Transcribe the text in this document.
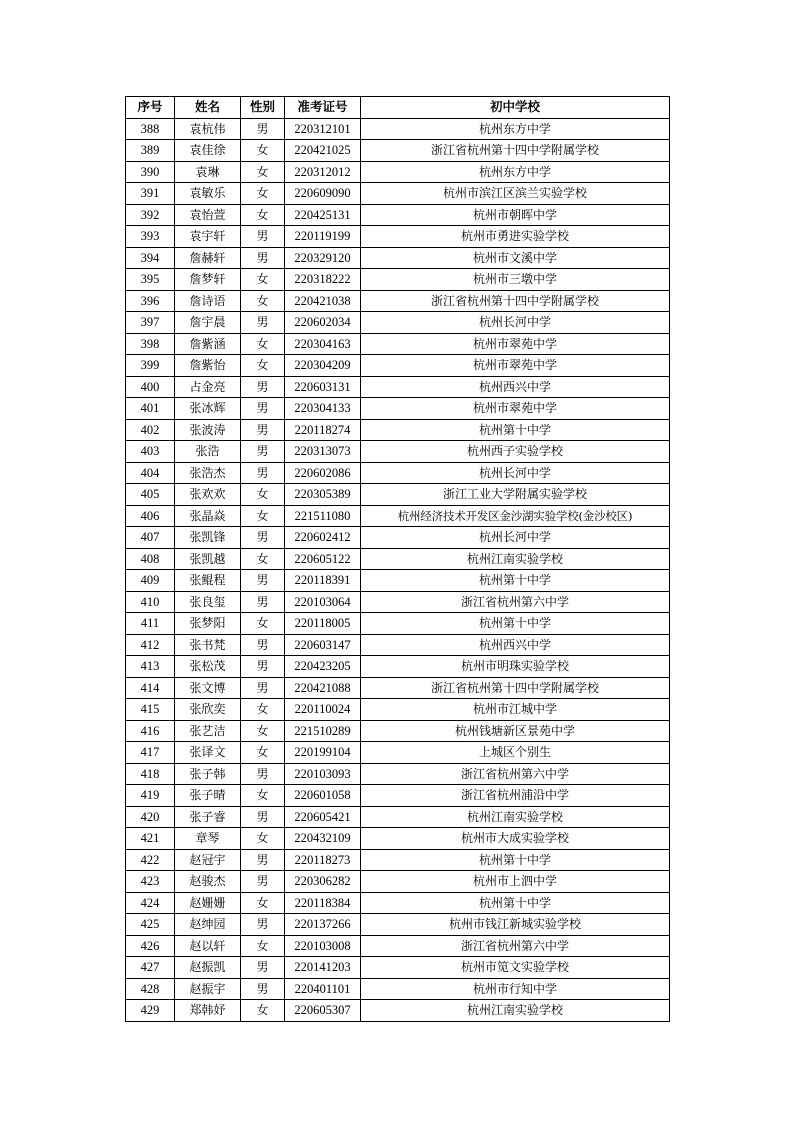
序号	姓名	性别	准考证号	初中学校
388	袁杭伟	男	220312101	杭州东方中学
389	袁佳徐	女	220421025	浙江省杭州第十四中学附属学校
390	袁琳	女	220312012	杭州东方中学
391	袁敏乐	女	220609090	杭州市滨江区滨兰实验学校
392	袁怡萱	女	220425131	杭州市朝晖中学
393	袁宇轩	男	220119199	杭州市勇进实验学校
394	詹赫轩	男	220329120	杭州市文溪中学
395	詹梦轩	女	220318222	杭州市三墩中学
396	詹诗语	女	220421038	浙江省杭州第十四中学附属学校
397	詹宇晨	男	220602034	杭州长河中学
398	詹紫涵	女	220304163	杭州市翠苑中学
399	詹紫怡	女	220304209	杭州市翠苑中学
400	占金亮	男	220603131	杭州西兴中学
401	张冰辉	男	220304133	杭州市翠苑中学
402	张波涛	男	220118274	杭州第十中学
403	张浩	男	220313073	杭州西子实验学校
404	张浩杰	男	220602086	杭州长河中学
405	张欢欢	女	220305389	浙江工业大学附属实验学校
406	张晶焱	女	221511080	杭州经济技术开发区金沙湖实验学校(金沙校区)
407	张凯锋	男	220602412	杭州长河中学
408	张凯越	女	220605122	杭州江南实验学校
409	张鲲程	男	220118391	杭州第十中学
410	张良玺	男	220103064	浙江省杭州第六中学
411	张梦阳	女	220118005	杭州第十中学
412	张书梵	男	220603147	杭州西兴中学
413	张松茂	男	220423205	杭州市明珠实验学校
414	张文博	男	220421088	浙江省杭州第十四中学附属学校
415	张欣奕	女	220110024	杭州市江城中学
416	张艺洁	女	221510289	杭州钱塘新区景苑中学
417	张译文	女	220199104	上城区个别生
418	张子韩	男	220103093	浙江省杭州第六中学
419	张子晴	女	220601058	浙江省杭州浦沿中学
420	张子睿	男	220605421	杭州江南实验学校
421	章琴	女	220432109	杭州市大成实验学校
422	赵冠宇	男	220118273	杭州第十中学
423	赵骏杰	男	220306282	杭州市上泗中学
424	赵姗姗	女	220118384	杭州第十中学
425	赵绅园	男	220137266	杭州市钱江新城实验学校
426	赵以轩	女	220103008	浙江省杭州第六中学
427	赵振凯	男	220141203	杭州市笕文实验学校
428	赵振宇	男	220401101	杭州市行知中学
429	郑韩妤	女	220605307	杭州江南实验学校
